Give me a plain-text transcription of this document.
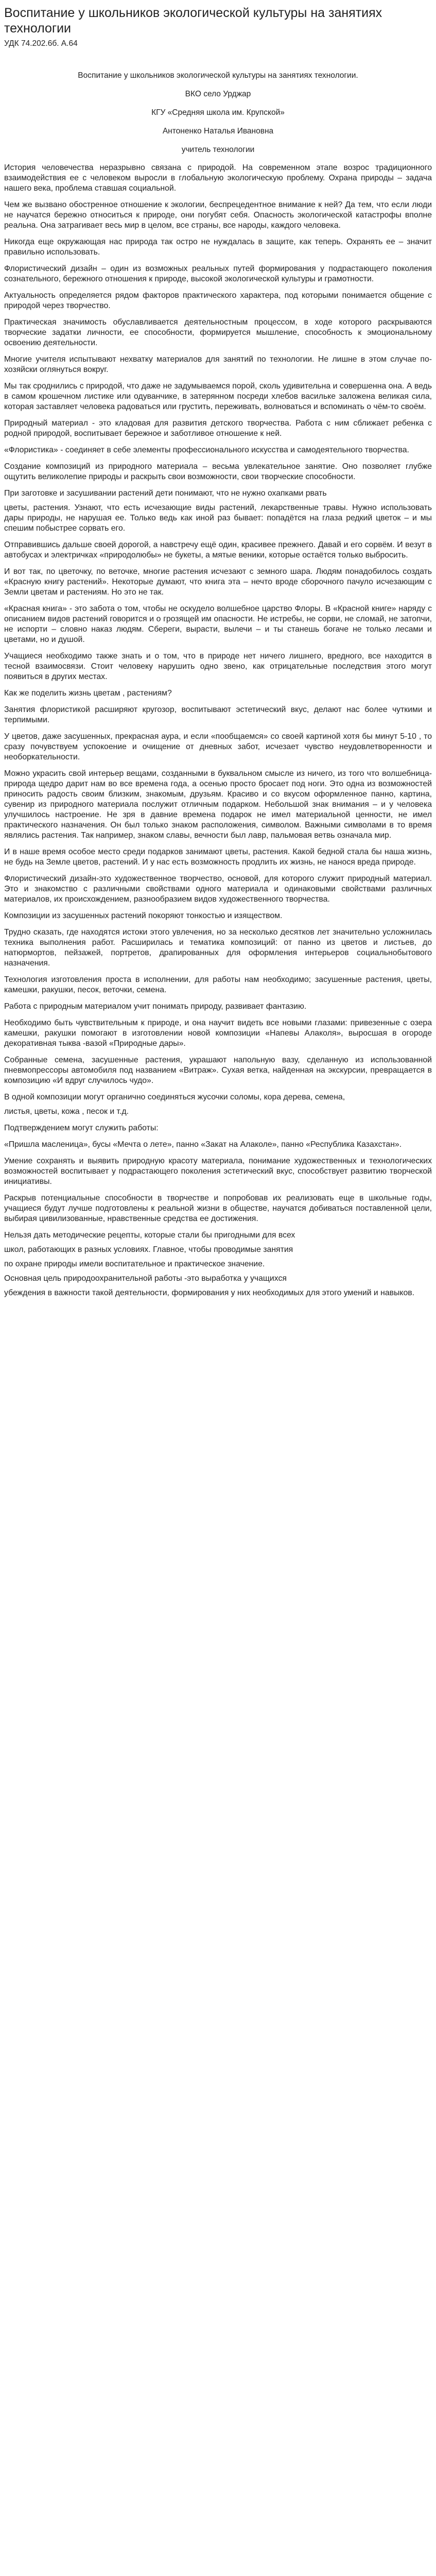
Воспитание у школьников экологической культуры на занятиях технологии
УДК 74.202.6б. А.64
Воспитание у школьников экологической культуры на занятиях технологии.
ВКО село Урджар
КГУ «Средняя школа им. Крупской»
Антоненко Наталья Ивановна
учитель технологии

История человечества неразрывно связана с природой. На современном этапе возрос традиционного взаимодействия ее с человеком выросли в глобальную экологическую проблему. Охрана природы – задача нашего века, проблема ставшая социальной.

Чем же вызвано обостренное отношение к экологии, беспрецедентное внимание к ней? Да тем, что если люди не научатся бережно относиться к природе, они погубят себя. Опасность экологической катастрофы вполне реальна. Она затрагивает весь мир в целом, все страны, все народы, каждого человека.

Никогда еще окружающая нас природа так остро не нуждалась в защите, как теперь. Охранять ее – значит правильно использовать.

Флористический дизайн – один из возможных реальных путей формирования у подрастающего поколения сознательного, бережного отношения к природе, высокой экологической культуры и грамотности.

Актуальность определяется рядом факторов практического характера, под которыми понимается общение с природой через творчество.

Практическая значимость обуславливается деятельностным процессом, в ходе которого раскрываются творческие задатки личности, ее способности, формируется мышление, способность к эмоциональному освоению деятельности.

Многие учителя испытывают нехватку материалов для занятий по технологии. Не лишне в этом случае по-хозяйски оглянуться вокруг.

Мы так сроднились с природой, что даже не задумываемся порой, сколь удивительна и совершенна она. А ведь в самом крошечном листике или одуванчике, в затерянном посреди хлебов васильке заложена великая сила, которая заставляет человека радоваться или грустить, переживать, волноваться и вспоминать о чём-то своём.

Природный материал - это кладовая для развития детского творчества. Работа с ним сближает ребенка с родной природой, воспитывает бережное и заботливое отношение к ней.

«Флористика» - соединяет в себе элементы профессионального искусства и самодеятельного творчества.

Создание композиций из природного материала – весьма увлекательное занятие. Оно позволяет глубже ощутить великолепие природы и раскрыть свои возможности, свои творческие способности.

При заготовке и засушивании растений дети понимают, что не нужно охапками рвать

цветы, растения. Узнают, что есть исчезающие виды растений, лекарственные травы. Нужно использовать дары природы, не нарушая ее. Только ведь как иной раз бывает: попадётся на глаза редкий цветок – и мы спешим побыстрее сорвать его.

Отправившись дальше своей дорогой, а навстречу ещё один, красивее прежнего. Давай и его сорвём. И везут в автобусах и электричках «природолюбы» не букеты, а мятые веники, которые остаётся только выбросить.

И вот так, по цветочку, по веточке, многие растения исчезают с земного шара. Людям понадобилось создать «Красную книгу растений». Некоторые думают, что книга эта – нечто вроде сборочного пачуло исчезающим с Земли цветам и растениям. Но это не так.

«Красная книга» - это забота о том, чтобы не оскудело волшебное царство Флоры. В «Красной книге» наряду с описанием видов растений говорится и о грозящей им опасности. Не истребы, не сорви, не сломай, не затопчи, не испорти – словно наказ людям. Сбереги, вырасти, вылечи – и ты станешь богаче не только лесами и цветами, но и душой.

Учащиеся необходимо также знать и о том, что в природе нет ничего лишнего, вредного, все находится в тесной взаимосвязи. Стоит человеку нарушить одно звено, как отрицательные последствия этого могут появиться в других местах.

Как же поделить жизнь цветам , растениям?

Занятия флористикой расширяют кругозор, воспитывают эстетический вкус, делают нас более чуткими и терпимыми.

У цветов, даже засушенных, прекрасная аура, и если «пообщаемся» со своей картиной хотя бы минут 5-10 , то сразу почувствуем успокоение и очищение от дневных забот, исчезает чувство неудовлетворенности и необоркательности.

Можно украсить свой интерьер вещами, созданными в буквальном смысле из ничего, из того что волшебница-природа щедро дарит нам во все времена года, а осенью просто бросает под ноги. Это одна из возможностей приносить радость своим близким, знакомым, друзьям. Красиво и со вкусом оформленное панно, картина, сувенир из природного материала послужит отличным подарком. Небольшой знак внимания – и у человека улучшилось настроение. Не зря в давние времена подарок не имел материальной ценности, не имел практического назначения. Он был только знаком расположения, символом. Важными символами в то время являлись растения. Так например, знаком славы, вечности был лавр, пальмовая ветвь означала мир.

И в наше время особое место среди подарков занимают цветы, растения. Какой бедной стала бы наша жизнь, не будь на Земле цветов, растений. И у нас есть возможность продлить их жизнь, не нанося вреда природе.

Флористический дизайн-это художественное творчество, основой, для которого служит природный материал. Это и знакомство с различными свойствами одного материала и одинаковыми свойствами различных материалов, их происхождением, разнообразием видов художественного творчества.

Композиции из засушенных растений покоряют тонкостью и изяществом.

Трудно сказать, где находятся истоки этого увлечения, но за несколько десятков лет значительно усложнилась техника выполнения работ. Расширилась и тематика композиций: от панно из цветов и листьев, до натюрмортов, пейзажей, портретов, драпированных для оформления интерьеров социальнобытового назначения.

Технология изготовления проста в исполнении, для работы нам необходимо; засушенные растения, цветы, камешки, ракушки, песок, веточки, семена.

Работа с природным материалом учит понимать природу, развивает фантазию.

Необходимо быть чувствительным к природе, и она научит видеть все новыми глазами: привезенные с озера камешки, ракушки помогают в изготовлении новой композиции «Напевы Алаколя», выросшая в огороде декоративная тыква -вазой «Природные дары».

Собранные семена, засушенные растения, украшают напольную вазу, сделанную из использованной пневмопрессоры автомобиля под названием «Витраж». Сухая ветка, найденная на экскурсии, превращается в композицию «И вдруг случилось чудо».

В одной композиции могут органично соединяться жусочки соломы, кора дерева, семена,

листья, цветы, кожа , песок и т.д.

Подтверждением могут служить работы:

«Пришла масленица», бусы «Мечта о лете», панно «Закат на Алаколе», панно «Республика Казахстан».

Умение сохранять и выявить природную красоту материала, понимание художественных и технологических возможностей воспитывает у подрастающего поколения эстетический вкус, способствует развитию творческой инициативы.

Раскрыв потенциальные способности в творчестве и попробовав их реализовать еще в школьные годы, учащиеся будут лучше подготовлены к реальной жизни в обществе, научатся добиваться поставленной цели, выбирая цивилизованные, нравственные средства ее достижения.

Нельзя дать методические рецепты, которые стали бы пригодными для всех

школ, работающих в разных условиях. Главное, чтобы проводимые занятия

по охране природы имели воспитательное и практическое значение.

Основная цель природоохранительной работы -это выработка у учащихся

убеждения в важности такой деятельности, формирования у них необходимых для этого умений и навыков.
